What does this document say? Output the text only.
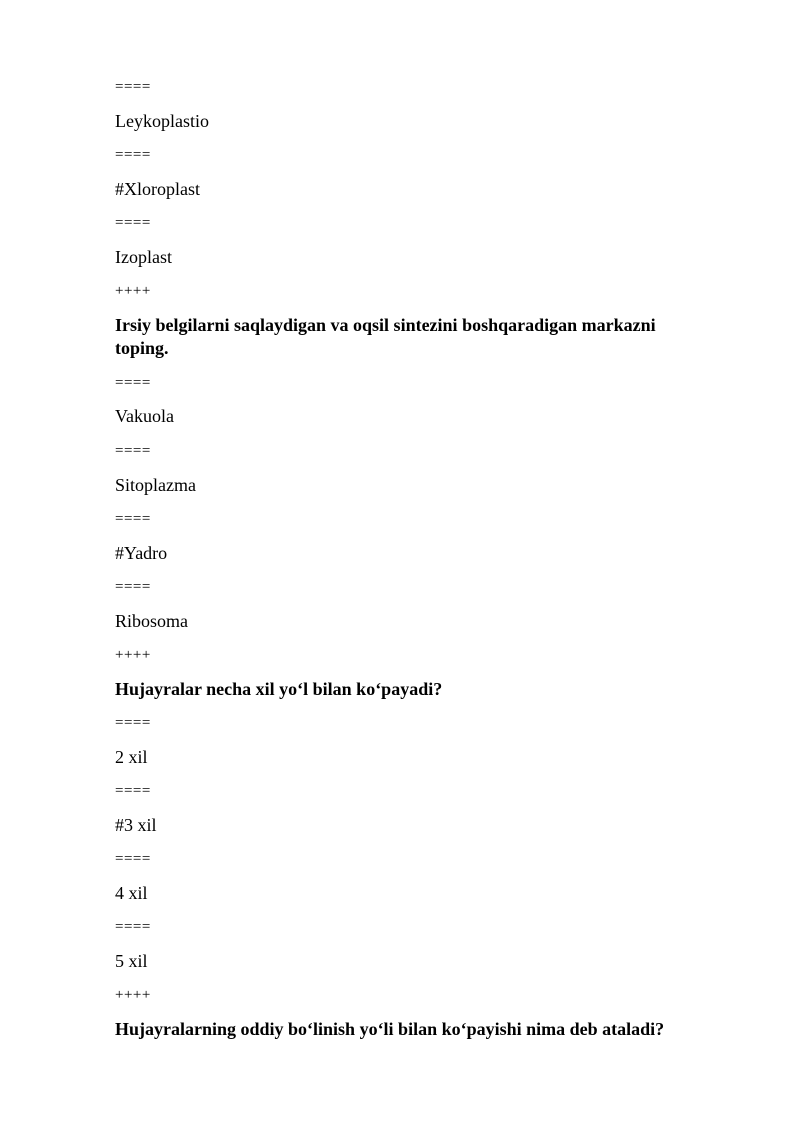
====
Leykoplastio
====
#Xloroplast
====
Izoplast
++++
Irsiy belgilarni saqlaydigan va oqsil sintezini boshqaradigan markazni toping.
====
Vakuola
====
Sitoplazma
====
#Yadro
====
Ribosoma
++++
Hujayralar necha xil yo‘l bilan ko‘payadi?
====
2 xil
====
#3 xil
====
4 xil
====
5 xil
++++
Hujayralarning oddiy bo‘linish yo‘li bilan ko‘payishi nima deb ataladi?
